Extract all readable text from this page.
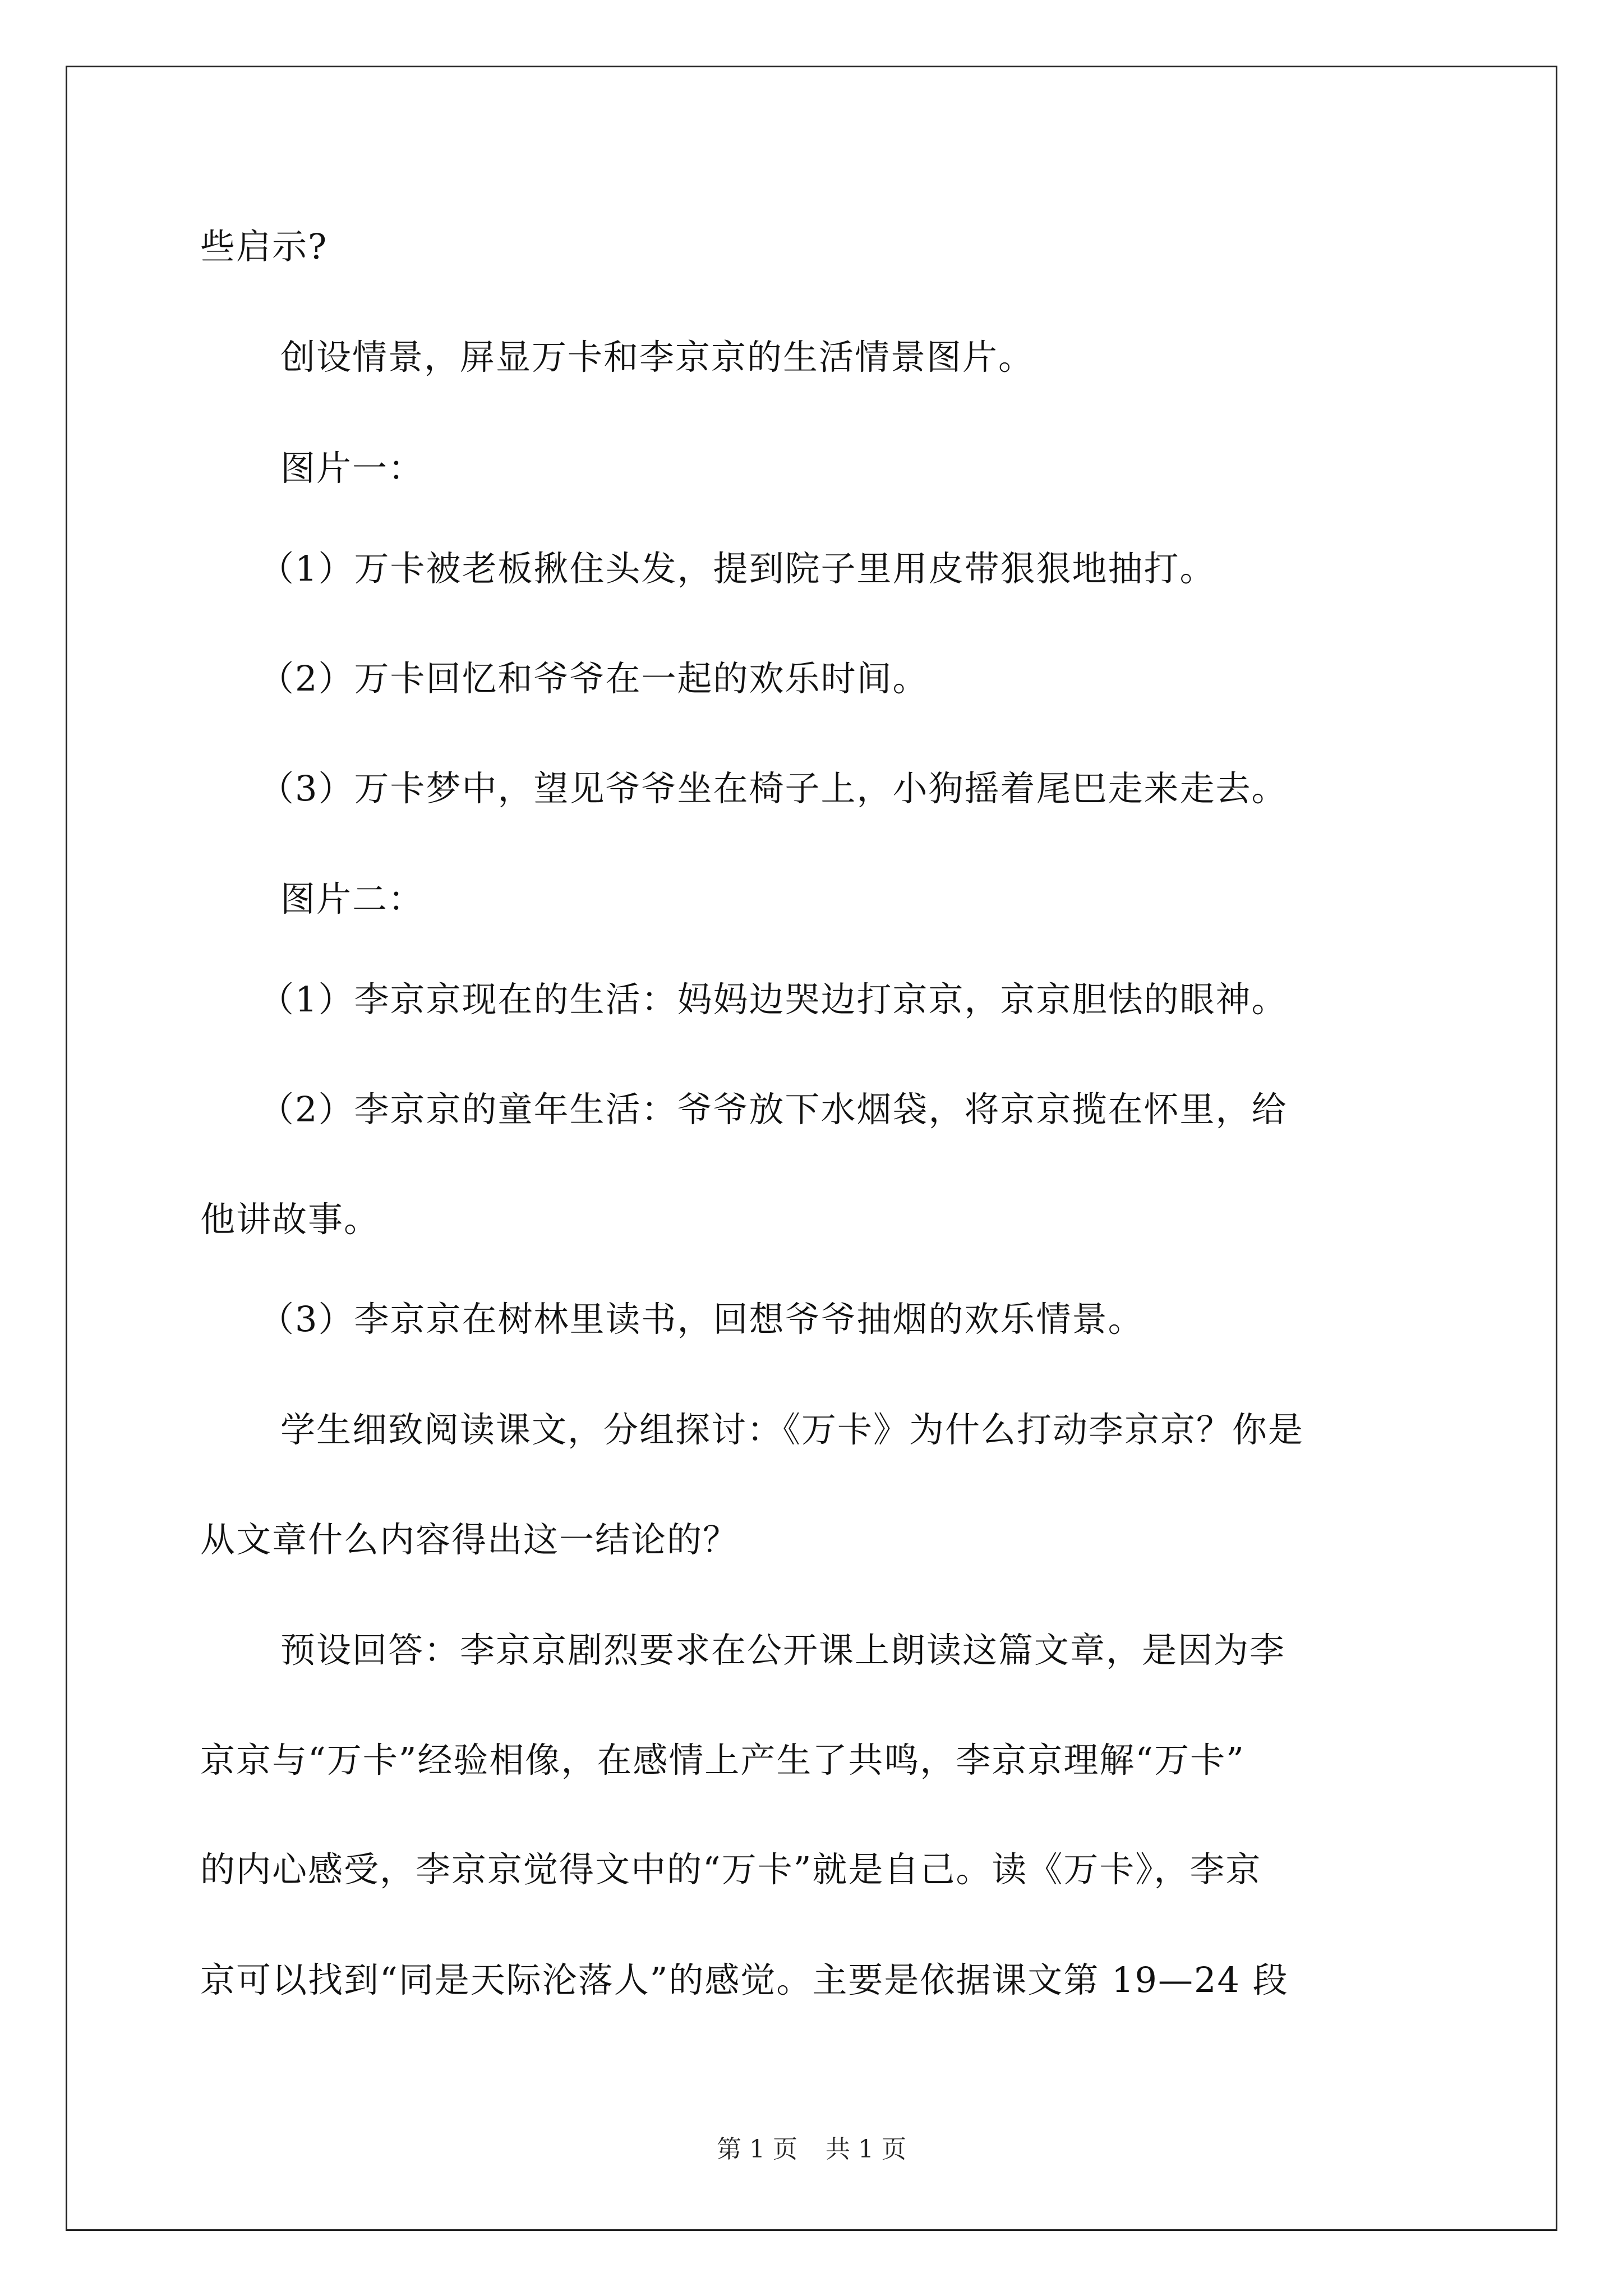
些启示?
创设情景，屏显万卡和李京京的生活情景图片。
图片一：
（1）万卡被老板揪住头发，提到院子里用皮带狠狠地抽打。
（2）万卡回忆和爷爷在一起的欢乐时间。
（3）万卡梦中，望见爷爷坐在椅子上，小狗摇着尾巴走来走去。
图片二：
（1）李京京现在的生活：妈妈边哭边打京京，京京胆怯的眼神。
（2）李京京的童年生活：爷爷放下水烟袋，将京京揽在怀里，给
他讲故事。
（3）李京京在树林里读书，回想爷爷抽烟的欢乐情景。
学生细致阅读课文，分组探讨：《万卡》为什么打动李京京？你是
从文章什么内容得出这一结论的？
预设回答：李京京剧烈要求在公开课上朗读这篇文章，是因为李
京京与“万卡”经验相像，在感情上产生了共鸣，李京京理解“万卡”
的内心感受，李京京觉得文中的“万卡”就是自己。读《万卡》，李京
京可以找到“同是天际沦落人”的感觉。主要是依据课文第 19—24 段
第 1 页 共 1 页
